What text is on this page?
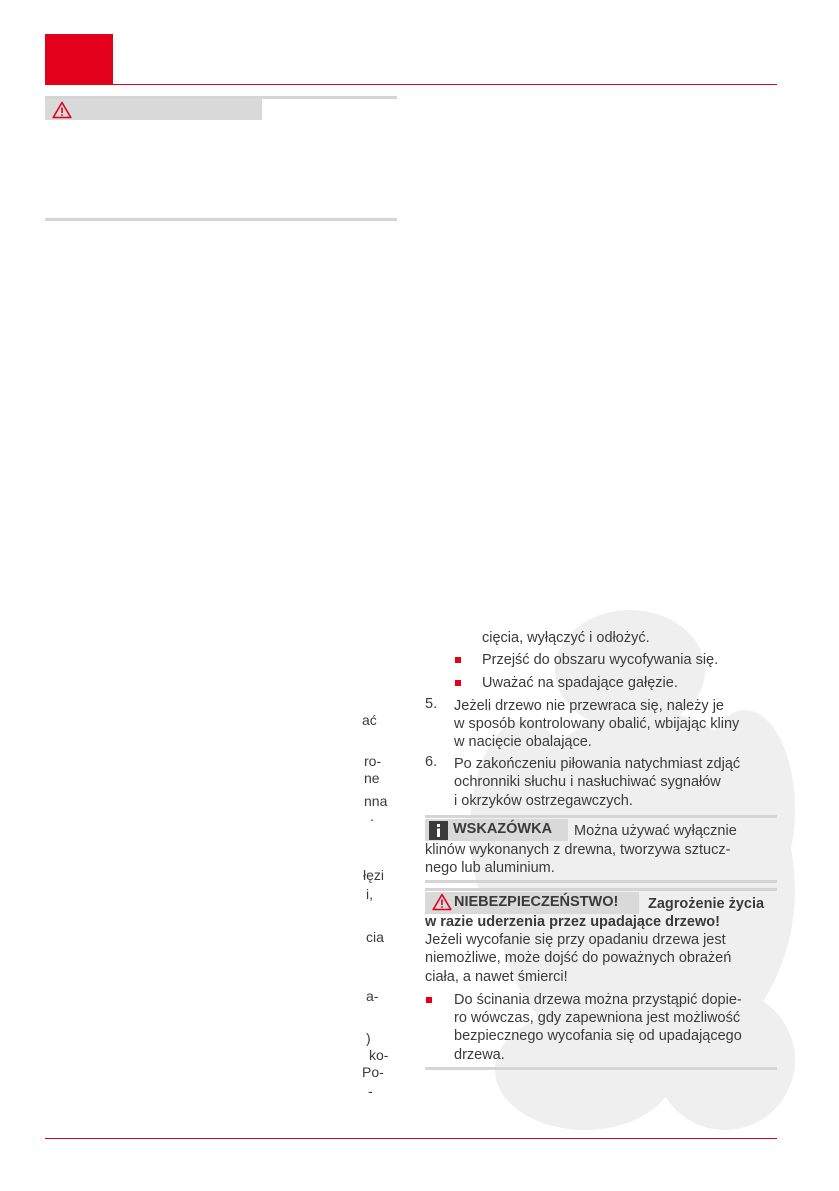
ać
ro-
ne
nna
.
łęzi
i,
cia
a-
)
ko-
Po-
-
cięcia, wyłączyć i odłożyć.
Przejść do obszaru wycofywania się.
Uważać na spadające gałęzie.
5. Jeżeli drzewo nie przewraca się, należy je
w sposób kontrolowany obalić, wbijając kliny
w nacięcie obalające.
6. Po zakończeniu piłowania natychmiast zdjąć
ochronniki słuchu i nasłuchiwać sygnałów
i okrzyków ostrzegawczych.
WSKAZÓWKA Można używać wyłącznie
klinów wykonanych z drewna, tworzywa sztucz-
nego lub aluminium.
NIEBEZPIECZEŃSTWO! Zagrożenie życia
w razie uderzenia przez upadające drzewo!
Jeżeli wycofanie się przy opadaniu drzewa jest
niemożliwe, może dojść do poważnych obrażeń
ciała, a nawet śmierci!
Do ścinania drzewa można przystąpić dopie-
ro wówczas, gdy zapewniona jest możliwość
bezpiecznego wycofania się od upadającego
drzewa.
